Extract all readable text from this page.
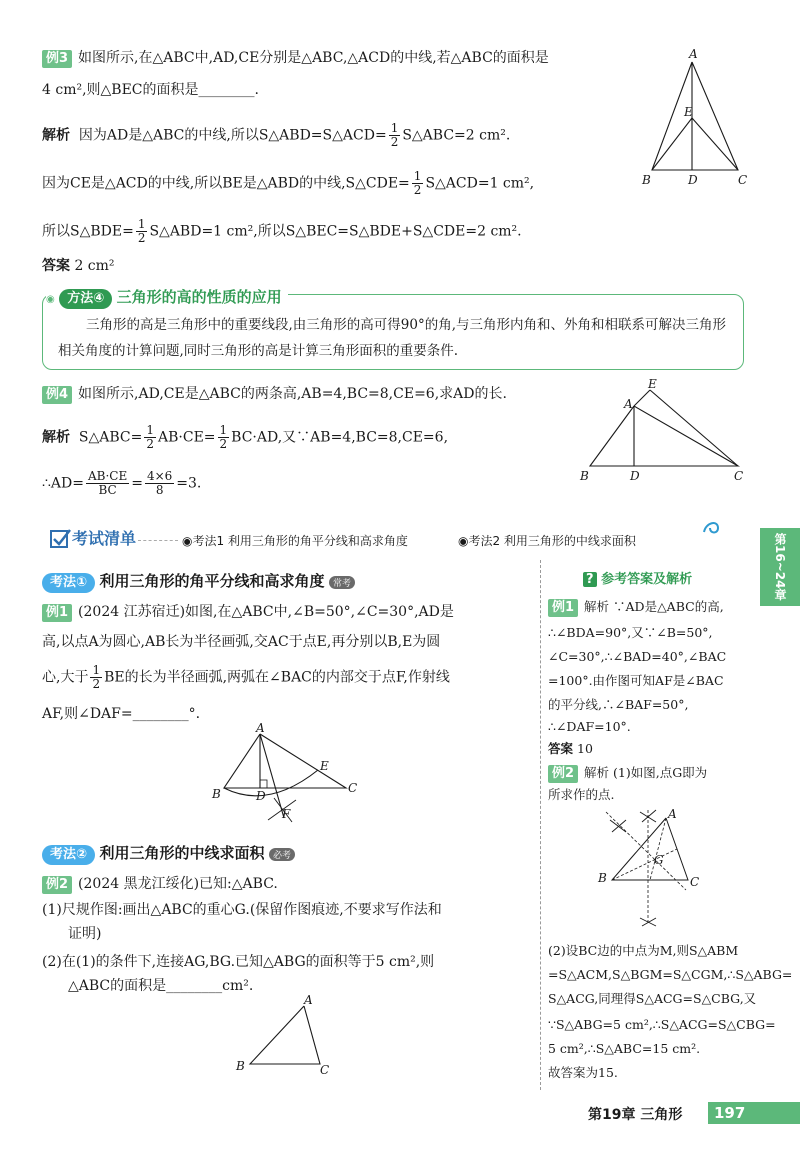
例3 如图所示,在△ABC中,AD,CE分别是△ABC,△ACD的中线,若△ABC的面积是
4 cm²,则△BEC的面积是________.
解析 因为AD是△ABC的中线,所以S△ABD=S△ACD= $\frac{1}{2}$ S△ABC=2 cm².
因为CE是△ACD的中线,所以BE是△ABD的中线,S△CDE= $\frac{1}{2}$ S△ACD=1 cm²,
所以S△BDE= $\frac{1}{2}$ S△ABD=1 cm²,所以S△BEC=S△BDE+S△CDE=2 cm².
答案 2 cm²
A
B	D	C
E
◉ 方法④ 三角形的高的性质的应用
三角形的高是三角形中的重要线段,由三角形的高可得90°的角,与三角形内角和、外角和相联系可解决三角形相关角度的计算问题,同时三角形的高是计算三角形面积的重要条件.
例4 如图所示,AD,CE是△ABC的两条高,AB=4,BC=8,CE=6,求AD的长.
解析 S△ABC= $\frac{1}{2} AB\cdot CE= \frac{1}{2} BC\cdot AD$,又∵AB=4,BC=8,CE=6,
∴AD= $\frac{AB\cdot CE}{BC} = \frac{4\times 6}{8} =3$.
A
E
B	D	C
考试清单	◉考法1 利用三角形的角平分线和高求角度	◉考法2 利用三角形的中线求面积
考法① 利用三角形的角平分线和高求角度 常考
例1 (2024 江苏宿迁)如图,在△ABC中,∠B=50°,∠C=30°,AD是
高,以点A为圆心,AB长为半径画弧,交AC于点E,再分别以B,E为圆
心,大于 $\frac{1}{2}$ BE的长为半径画弧,两弧在∠BAC的内部交于点F,作射线
AF,则∠DAF=________°.
A
B	D
E
C
F
考法② 利用三角形的中线求面积 必考
例2 (2024 黑龙江绥化)已知:△ABC.
(1)尺规作图:画出△ABC的重心G.(保留作图痕迹,不要求写作法和
证明)
(2)在(1)的条件下,连接AG,BG.已知△ABG的面积等于5 cm²,则
△ABC的面积是________cm².
A
B	C
? 参考答案及解析
例1 解析 ∵AD是△ABC的高,
∴∠BDA=90°,又∵∠B=50°,
∠C=30°,∴∠BAD=40°,∠BAC
=100°.由作图可知AF是∠BAC
的平分线,∴∠BAF=50°,
∴∠DAF=10°.
答案 10
例2 解析 (1)如图,点G即为
所求作的点.
A
B	C
G
(2)设BC边的中点为M,则S△ABM
=S△ACM,S△BGM=S△CGM,∴S△ABG=
S△ACG,同理得S△ACG=S△CBG,又
∵S△ABG=5 cm²,∴S△ACG=S△CBG=
5 cm²,∴S△ABC=15 cm².
故答案为15.
第16~24章
第19章 三角形	197
